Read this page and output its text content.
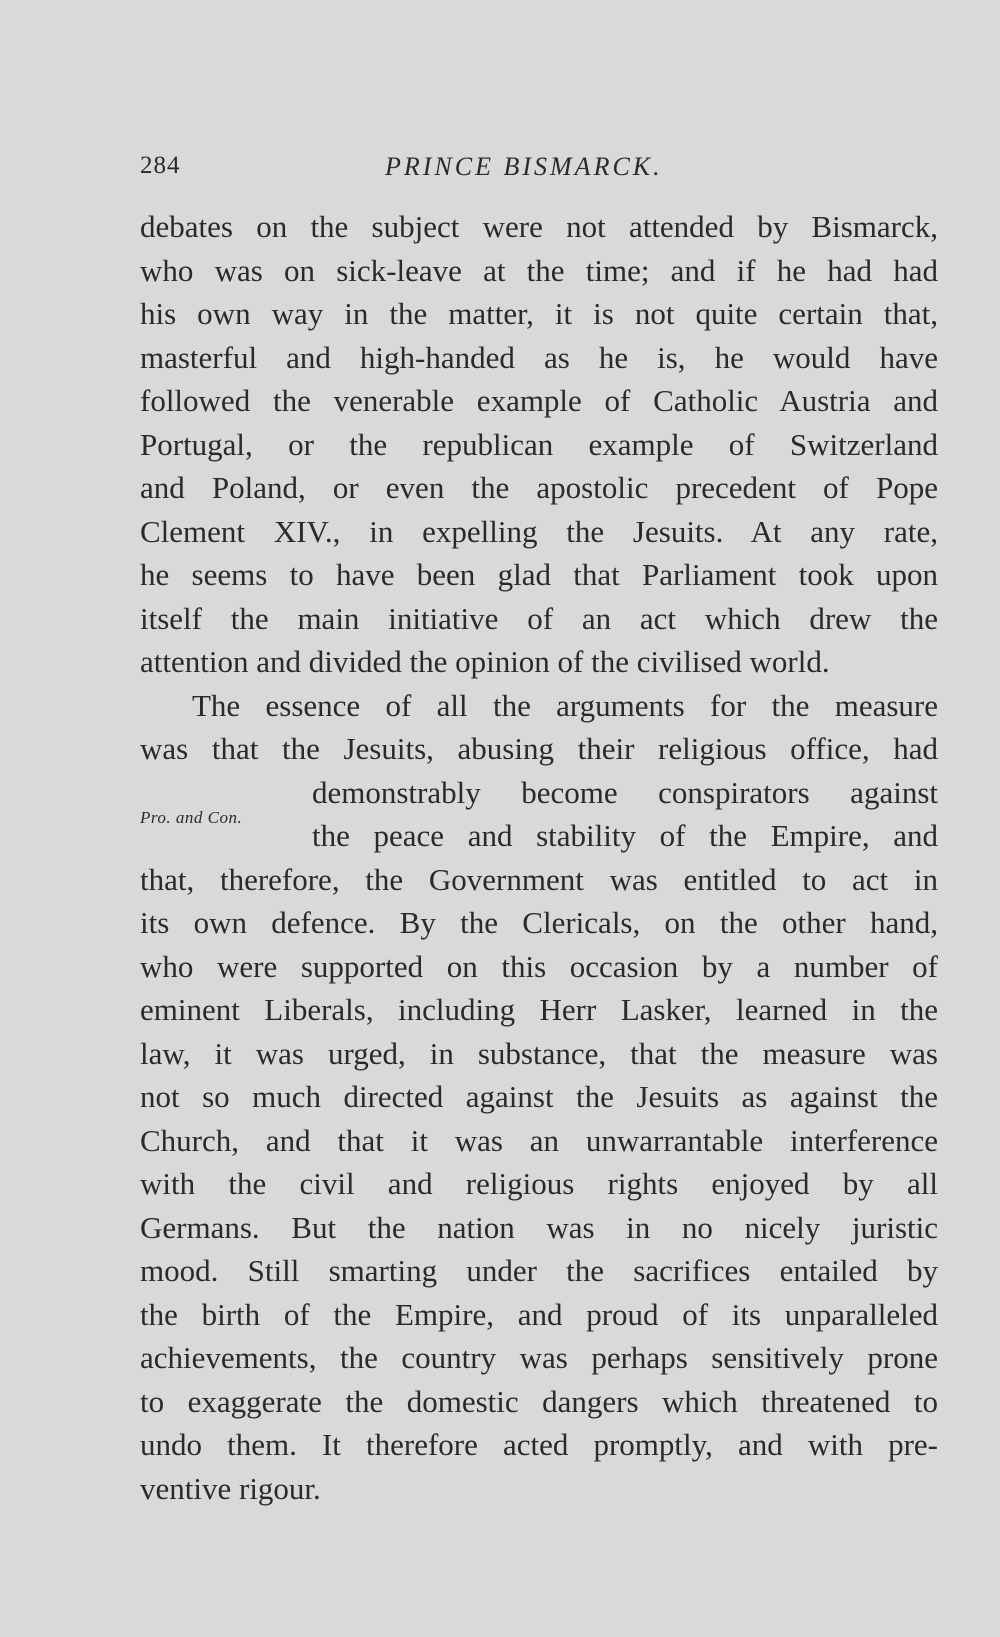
284	PRINCE BISMARCK.
Pro. and Con.
debates on the subject were not attended by Bismarck,
who was on sick-leave at the time; and if he had had
his own way in the matter, it is not quite certain that,
masterful and high-handed as he is, he would have
followed the venerable example of Catholic Austria and
Portugal, or the republican example of Switzerland
and Poland, or even the apostolic precedent of Pope
Clement XIV., in expelling the Jesuits. At any rate,
he seems to have been glad that Parliament took upon
itself the main initiative of an act which drew the
attention and divided the opinion of the civilised world.
The essence of all the arguments for the measure
was that the Jesuits, abusing their religious office, had
demonstrably become conspirators against
the peace and stability of the Empire, and
that, therefore, the Government was entitled to act in
its own defence. By the Clericals, on the other hand,
who were supported on this occasion by a number of
eminent Liberals, including Herr Lasker, learned in the
law, it was urged, in substance, that the measure was
not so much directed against the Jesuits as against the
Church, and that it was an unwarrantable interference
with the civil and religious rights enjoyed by all
Germans. But the nation was in no nicely juristic
mood. Still smarting under the sacrifices entailed by
the birth of the Empire, and proud of its unparalleled
achievements, the country was perhaps sensitively prone
to exaggerate the domestic dangers which threatened to
undo them. It therefore acted promptly, and with pre-
ventive rigour.
